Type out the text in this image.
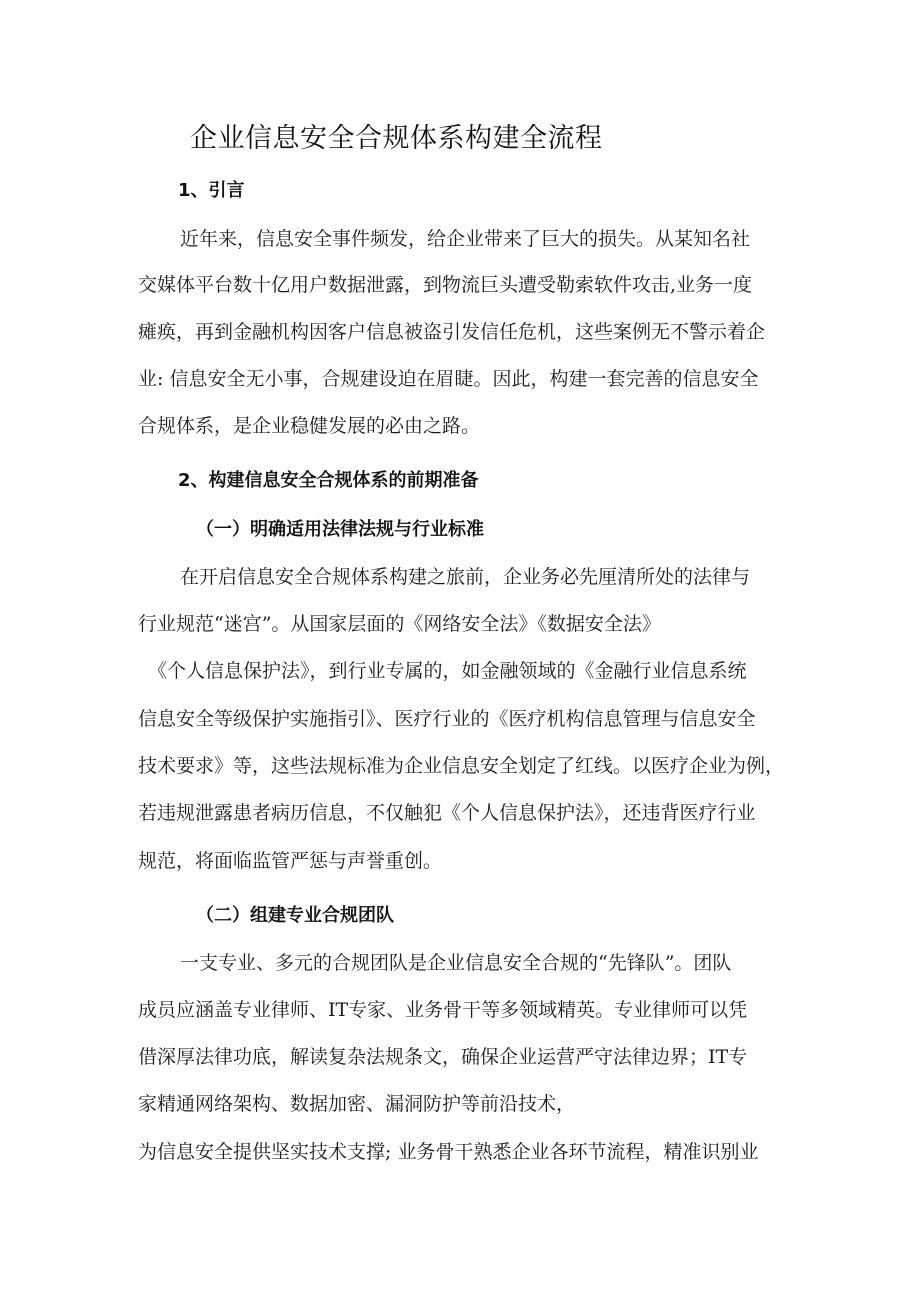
企业信息安全合规体系构建全流程
1、引言
近年来，信息安全事件频发，给企业带来了巨大的损失。从某知名社
交媒体平台数十亿用户数据泄露，到物流巨头遭受勒索软件攻击,业务一度
瘫痪，再到金融机构因客户信息被盗引发信任危机，这些案例无不警示着企
业: 信息安全无小事，合规建设迫在眉睫。因此，构建一套完善的信息安全
合规体系，是企业稳健发展的必由之路。
2、构建信息安全合规体系的前期准备
（一）明确适用法律法规与行业标准
在开启信息安全合规体系构建之旅前，企业务必先厘清所处的法律与
行业规范“迷宫”。从国家层面的《网络安全法》《数据安全法》
《个人信息保护法》，到行业专属的，如金融领域的《金融行业信息系统
信息安全等级保护实施指引》、医疗行业的《医疗机构信息管理与信息安全
技术要求》等，这些法规标准为企业信息安全划定了红线。以医疗企业为例，
若违规泄露患者病历信息，不仅触犯《个人信息保护法》，还违背医疗行业
规范，将面临监管严惩与声誉重创。
（二）组建专业合规团队
一支专业、多元的合规团队是企业信息安全合规的“先锋队”。团队
成员应涵盖专业律师、IT专家、业务骨干等多领域精英。专业律师可以凭
借深厚法律功底，解读复杂法规条文，确保企业运营严守法律边界；IT专
家精通网络架构、数据加密、漏洞防护等前沿技术，
为信息安全提供坚实技术支撑; 业务骨干熟悉企业各环节流程，精准识别业
